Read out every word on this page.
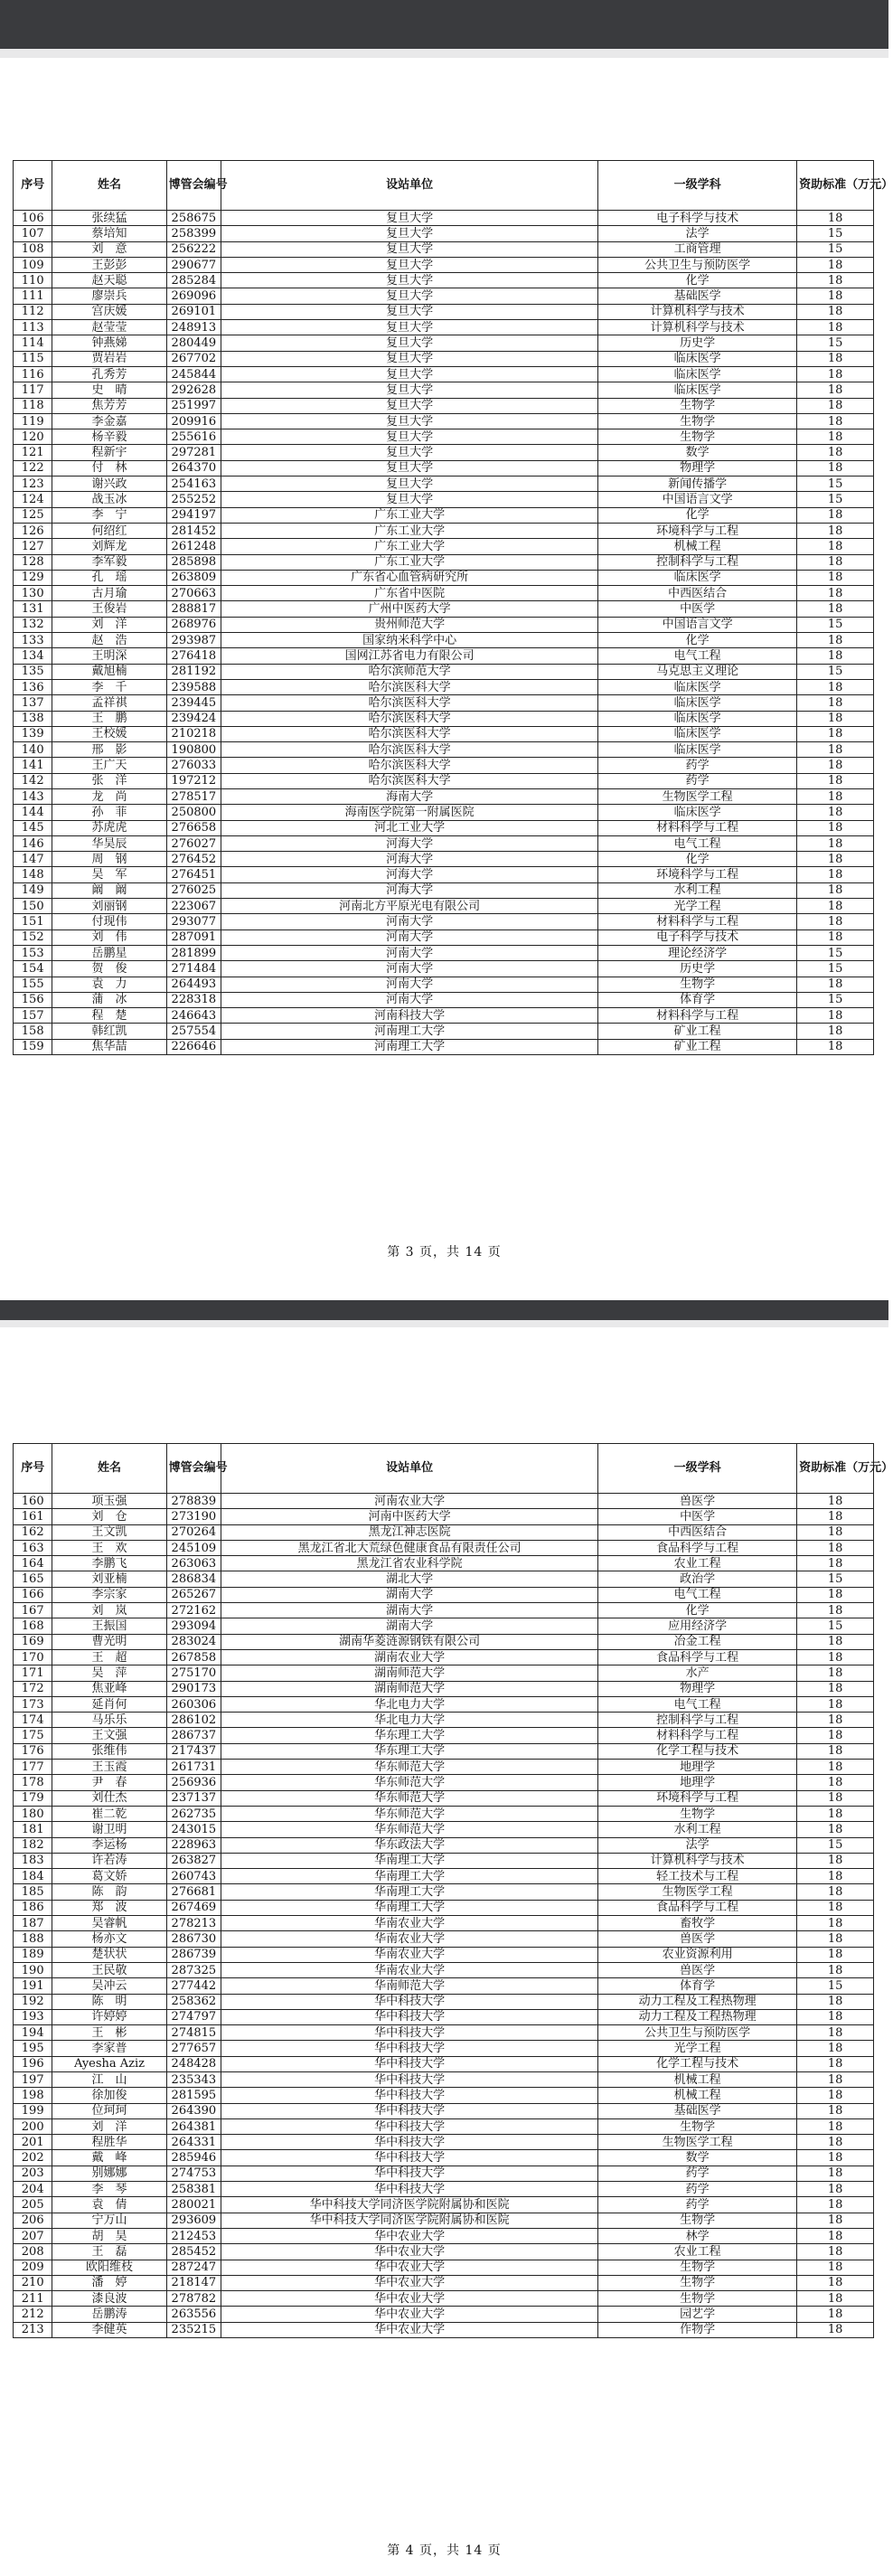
序号	姓名	博管会编号	设站单位	一级学科	资助标准（万元）
106	张续猛	258675	复旦大学	电子科学与技术	18
107	蔡培知	258399	复旦大学	法学	15
108	刘　意	256222	复旦大学	工商管理	15
109	王彭彭	290677	复旦大学	公共卫生与预防医学	18
110	赵天聪	285284	复旦大学	化学	18
111	廖崇兵	269096	复旦大学	基础医学	18
112	宫庆媛	269101	复旦大学	计算机科学与技术	18
113	赵莹莹	248913	复旦大学	计算机科学与技术	18
114	钟燕娣	280449	复旦大学	历史学	15
115	贾岩岩	267702	复旦大学	临床医学	18
116	孔秀芳	245844	复旦大学	临床医学	18
117	史　晴	292628	复旦大学	临床医学	18
118	焦芳芳	251997	复旦大学	生物学	18
119	李金嘉	209916	复旦大学	生物学	18
120	杨辛毅	255616	复旦大学	生物学	18
121	程新宇	297281	复旦大学	数学	18
122	付　林	264370	复旦大学	物理学	18
123	谢兴政	254163	复旦大学	新闻传播学	15
124	战玉冰	255252	复旦大学	中国语言文学	15
125	李　宁	294197	广东工业大学	化学	18
126	何绍红	281452	广东工业大学	环境科学与工程	18
127	刘辉龙	261248	广东工业大学	机械工程	18
128	李军毅	285898	广东工业大学	控制科学与工程	18
129	孔　瑶	263809	广东省心血管病研究所	临床医学	18
130	古月瑜	270663	广东省中医院	中西医结合	18
131	王俊岩	288817	广州中医药大学	中医学	18
132	刘　洋	268976	贵州师范大学	中国语言文学	15
133	赵　浩	293987	国家纳米科学中心	化学	18
134	王明深	276418	国网江苏省电力有限公司	电气工程	18
135	戴旭楠	281192	哈尔滨师范大学	马克思主义理论	15
136	李　千	239588	哈尔滨医科大学	临床医学	18
137	孟祥祺	239445	哈尔滨医科大学	临床医学	18
138	王　鹏	239424	哈尔滨医科大学	临床医学	18
139	王校媛	210218	哈尔滨医科大学	临床医学	18
140	邢　影	190800	哈尔滨医科大学	临床医学	18
141	王广天	276033	哈尔滨医科大学	药学	18
142	张　洋	197212	哈尔滨医科大学	药学	18
143	龙　尚	278517	海南大学	生物医学工程	18
144	孙　菲	250800	海南医学院第一附属医院	临床医学	18
145	苏虎虎	276658	河北工业大学	材料科学与工程	18
146	华昊辰	276027	河海大学	电气工程	18
147	周　钢	276452	河海大学	化学	18
148	吴　军	276451	河海大学	环境科学与工程	18
149	阚　阚	276025	河海大学	水利工程	18
150	刘丽钢	223067	河南北方平原光电有限公司	光学工程	18
151	付现伟	293077	河南大学	材料科学与工程	18
152	刘　伟	287091	河南大学	电子科学与技术	18
153	岳鹏星	281899	河南大学	理论经济学	15
154	贺　俊	271484	河南大学	历史学	15
155	袁　力	264493	河南大学	生物学	18
156	蒲　冰	228318	河南大学	体育学	15
157	程　楚	246643	河南科技大学	材料科学与工程	18
158	韩红凯	257554	河南理工大学	矿业工程	18
159	焦华喆	226646	河南理工大学	矿业工程	18
第 3 页，共 14 页
序号	姓名	博管会编号	设站单位	一级学科	资助标准（万元）
160	项玉强	278839	河南农业大学	兽医学	18
161	刘　仓	273190	河南中医药大学	中医学	18
162	王文凯	270264	黑龙江神志医院	中西医结合	18
163	王　欢	245109	黑龙江省北大荒绿色健康食品有限责任公司	食品科学与工程	18
164	李鹏飞	263063	黑龙江省农业科学院	农业工程	18
165	刘亚楠	286834	湖北大学	政治学	15
166	李宗家	265267	湖南大学	电气工程	18
167	刘　岚	272162	湖南大学	化学	18
168	王振国	293094	湖南大学	应用经济学	15
169	曹光明	283024	湖南华菱涟源钢铁有限公司	冶金工程	18
170	王　超	267858	湖南农业大学	食品科学与工程	18
171	吴　萍	275170	湖南师范大学	水产	18
172	焦亚峰	290173	湖南师范大学	物理学	18
173	延肖何	260306	华北电力大学	电气工程	18
174	马乐乐	286102	华北电力大学	控制科学与工程	18
175	王文强	286737	华东理工大学	材料科学与工程	18
176	张维伟	217437	华东理工大学	化学工程与技术	18
177	王玉霞	261731	华东师范大学	地理学	18
178	尹　春	256936	华东师范大学	地理学	18
179	刘仕杰	237137	华东师范大学	环境科学与工程	18
180	崔二乾	262735	华东师范大学	生物学	18
181	谢卫明	243015	华东师范大学	水利工程	18
182	李运杨	228963	华东政法大学	法学	15
183	许若涛	263827	华南理工大学	计算机科学与技术	18
184	葛文娇	260743	华南理工大学	轻工技术与工程	18
185	陈　韵	276681	华南理工大学	生物医学工程	18
186	郑　波	267469	华南理工大学	食品科学与工程	18
187	吴睿帆	278213	华南农业大学	畜牧学	18
188	杨亦文	286730	华南农业大学	兽医学	18
189	楚状状	286739	华南农业大学	农业资源利用	18
190	王民敬	287325	华南农业大学	兽医学	18
191	吴冲云	277442	华南师范大学	体育学	15
192	陈　明	258362	华中科技大学	动力工程及工程热物理	18
193	许婷婷	274797	华中科技大学	动力工程及工程热物理	18
194	王　彬	274815	华中科技大学	公共卫生与预防医学	18
195	李家普	277657	华中科技大学	光学工程	18
196	Ayesha Aziz	248428	华中科技大学	化学工程与技术	18
197	江　山	235343	华中科技大学	机械工程	18
198	徐加俊	281595	华中科技大学	机械工程	18
199	位珂珂	264390	华中科技大学	基础医学	18
200	刘　洋	264381	华中科技大学	生物学	18
201	程胜华	264331	华中科技大学	生物医学工程	18
202	戴　峰	285946	华中科技大学	数学	18
203	别娜娜	274753	华中科技大学	药学	18
204	李　琴	258381	华中科技大学	药学	18
205	袁　倩	280021	华中科技大学同济医学院附属协和医院	药学	18
206	宁万山	293609	华中科技大学同济医学院附属协和医院	生物学	18
207	胡　昊	212453	华中农业大学	林学	18
208	王　磊	285452	华中农业大学	农业工程	18
209	欧阳维枝	287247	华中农业大学	生物学	18
210	潘　婷	218147	华中农业大学	生物学	18
211	漆良波	278782	华中农业大学	生物学	18
212	岳鹏涛	263556	华中农业大学	园艺学	18
213	李健英	235215	华中农业大学	作物学	18
第 4 页，共 14 页
